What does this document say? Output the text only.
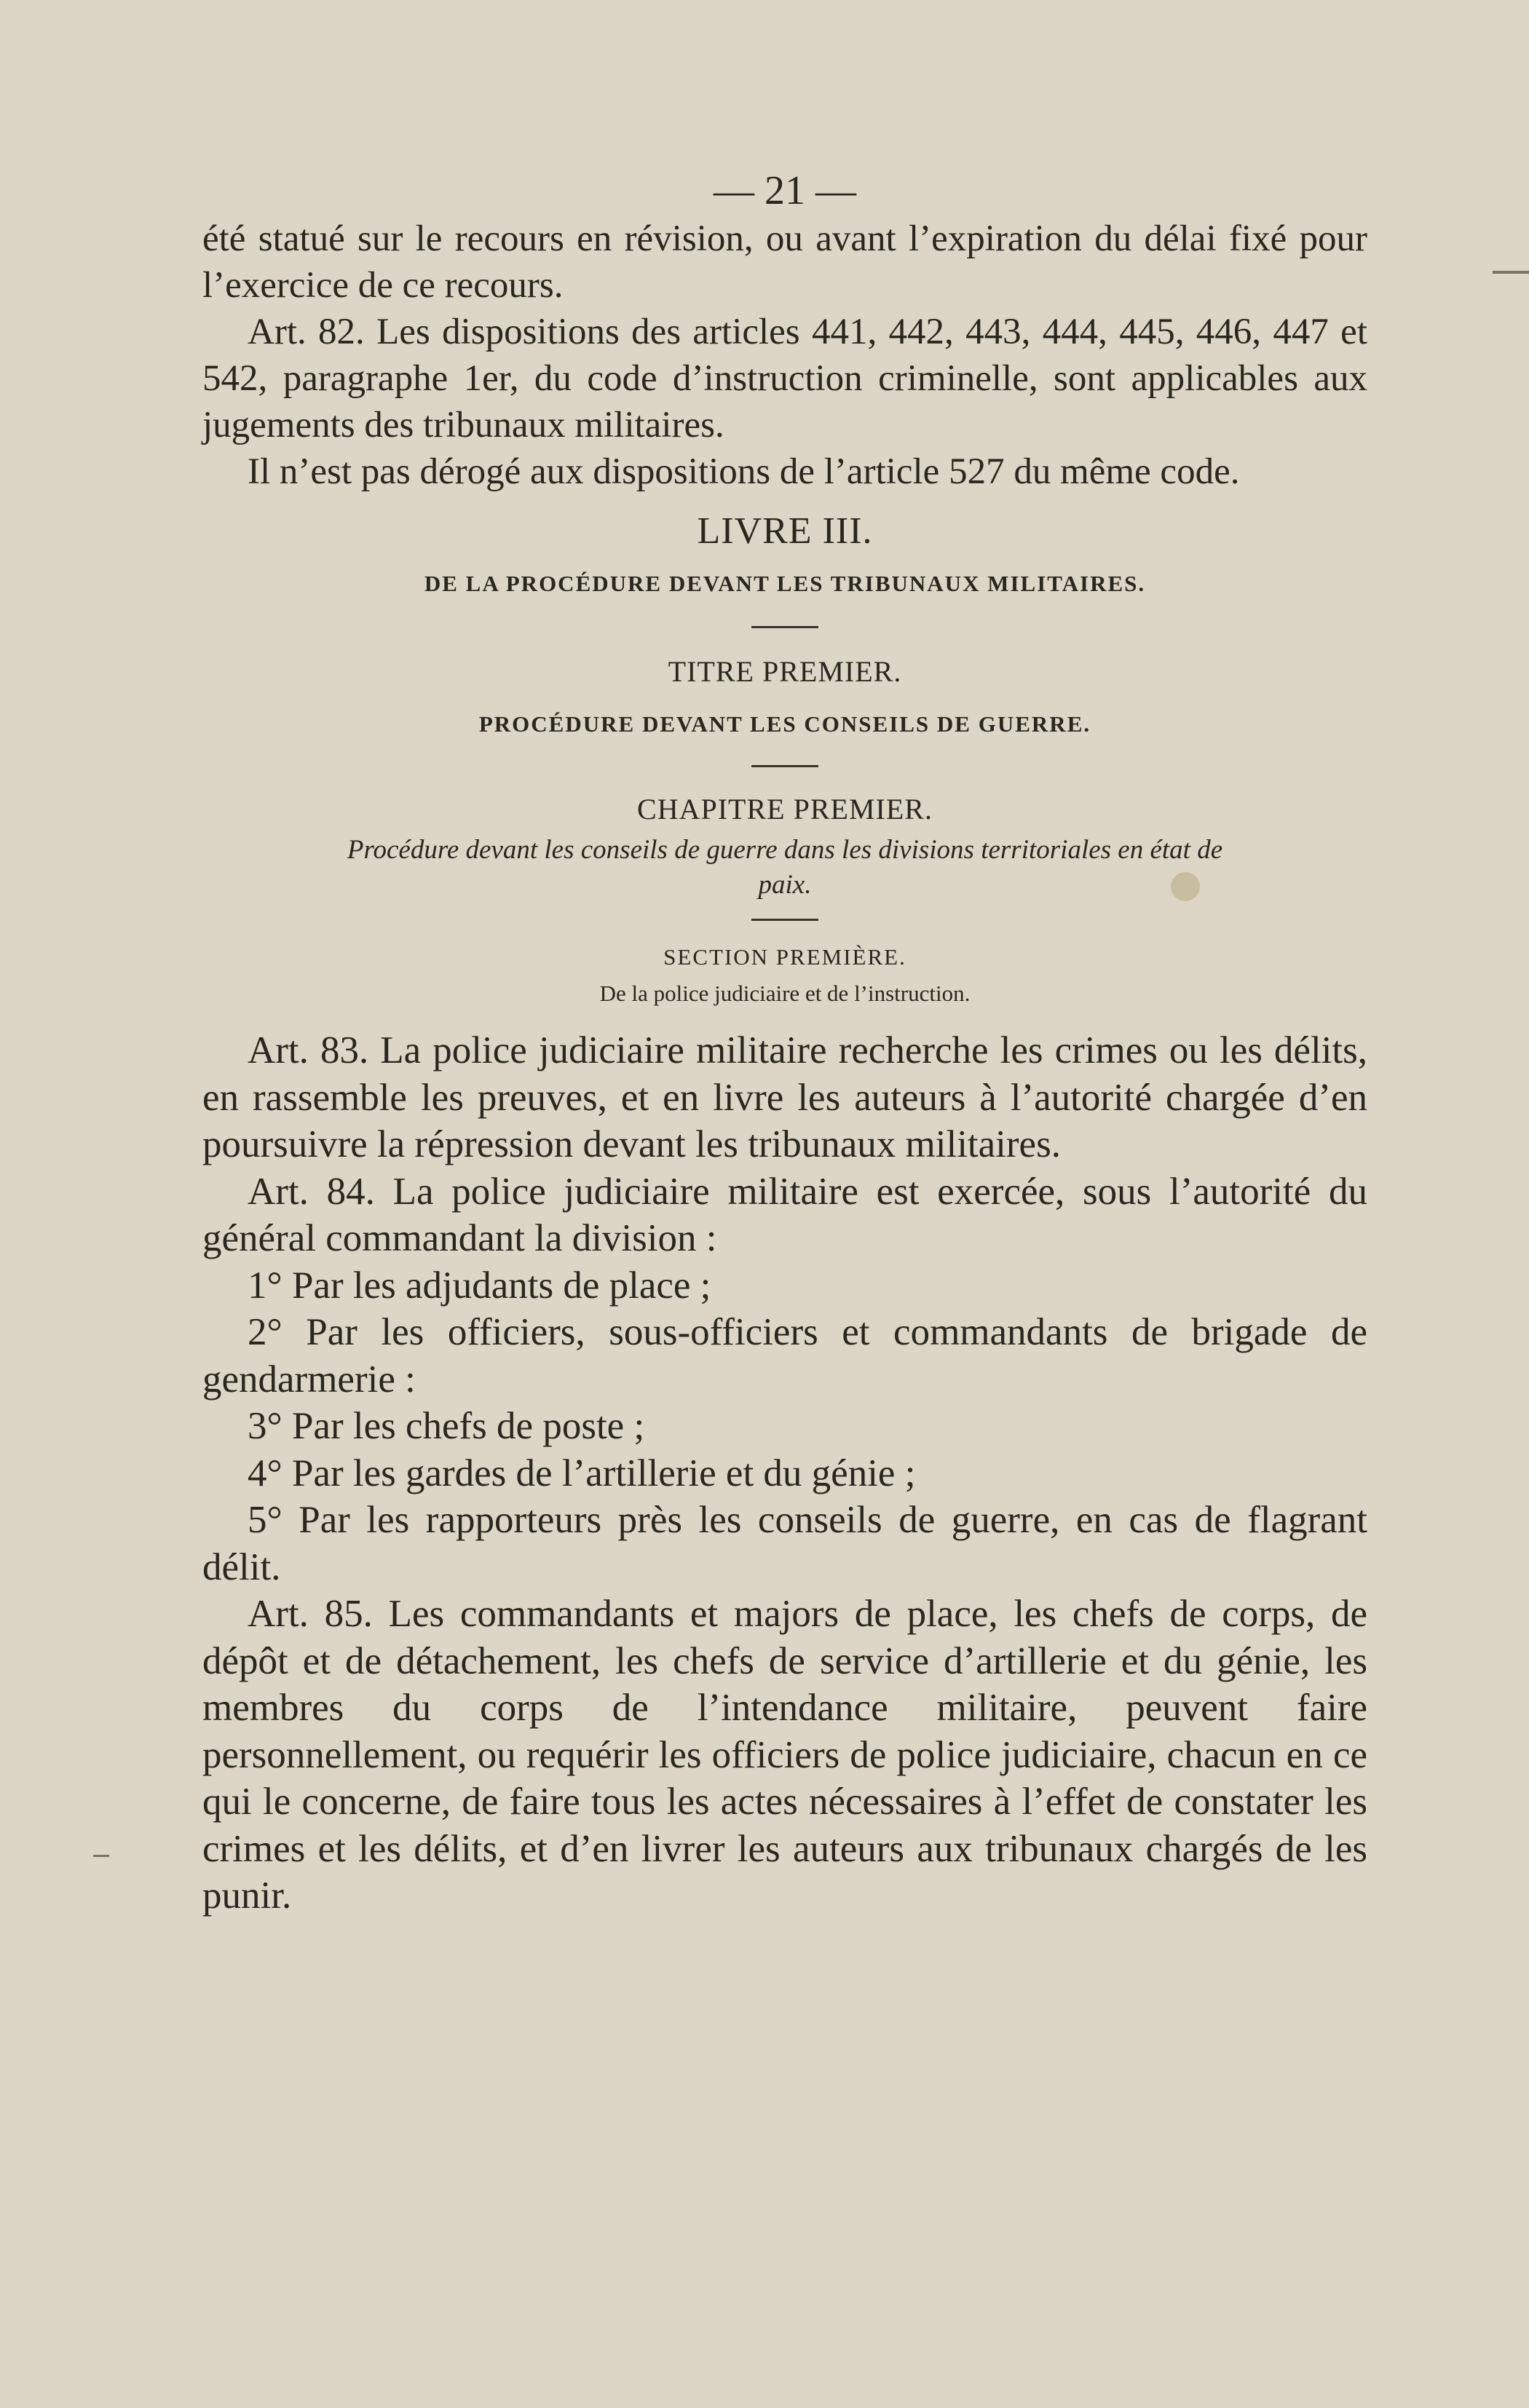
— 21 —

été statué sur le recours en révision, ou avant l’expiration du délai fixé pour l’exercice de ce recours.

Art. 82. Les dispositions des articles 441, 442, 443, 444, 445, 446, 447 et 542, paragraphe 1er, du code d’instruction criminelle, sont applicables aux jugements des tribunaux militaires.

Il n’est pas dérogé aux dispositions de l’article 527 du même code.

LIVRE III.
DE LA PROCÉDURE DEVANT LES TRIBUNAUX MILITAIRES.
TITRE PREMIER.
PROCÉDURE DEVANT LES CONSEILS DE GUERRE.
CHAPITRE PREMIER.
Procédure devant les conseils de guerre dans les divisions territoriales en état de paix.
SECTION PREMIÈRE.
De la police judiciaire et de l’instruction.

Art. 83. La police judiciaire militaire recherche les crimes ou les délits, en rassemble les preuves, et en livre les auteurs à l’autorité chargée d’en poursuivre la répression devant les tribunaux militaires.

Art. 84. La police judiciaire militaire est exercée, sous l’autorité du général commandant la division :

1° Par les adjudants de place ;

2° Par les officiers, sous-officiers et commandants de brigade de gendarmerie :

3° Par les chefs de poste ;

4° Par les gardes de l’artillerie et du génie ;

5° Par les rapporteurs près les conseils de guerre, en cas de flagrant délit.

Art. 85. Les commandants et majors de place, les chefs de corps, de dépôt et de détachement, les chefs de service d’artillerie et du génie, les membres du corps de l’intendance militaire, peuvent faire personnellement, ou requérir les officiers de police judiciaire, chacun en ce qui le concerne, de faire tous les actes nécessaires à l’effet de constater les crimes et les délits, et d’en livrer les auteurs aux tribunaux chargés de les punir.
